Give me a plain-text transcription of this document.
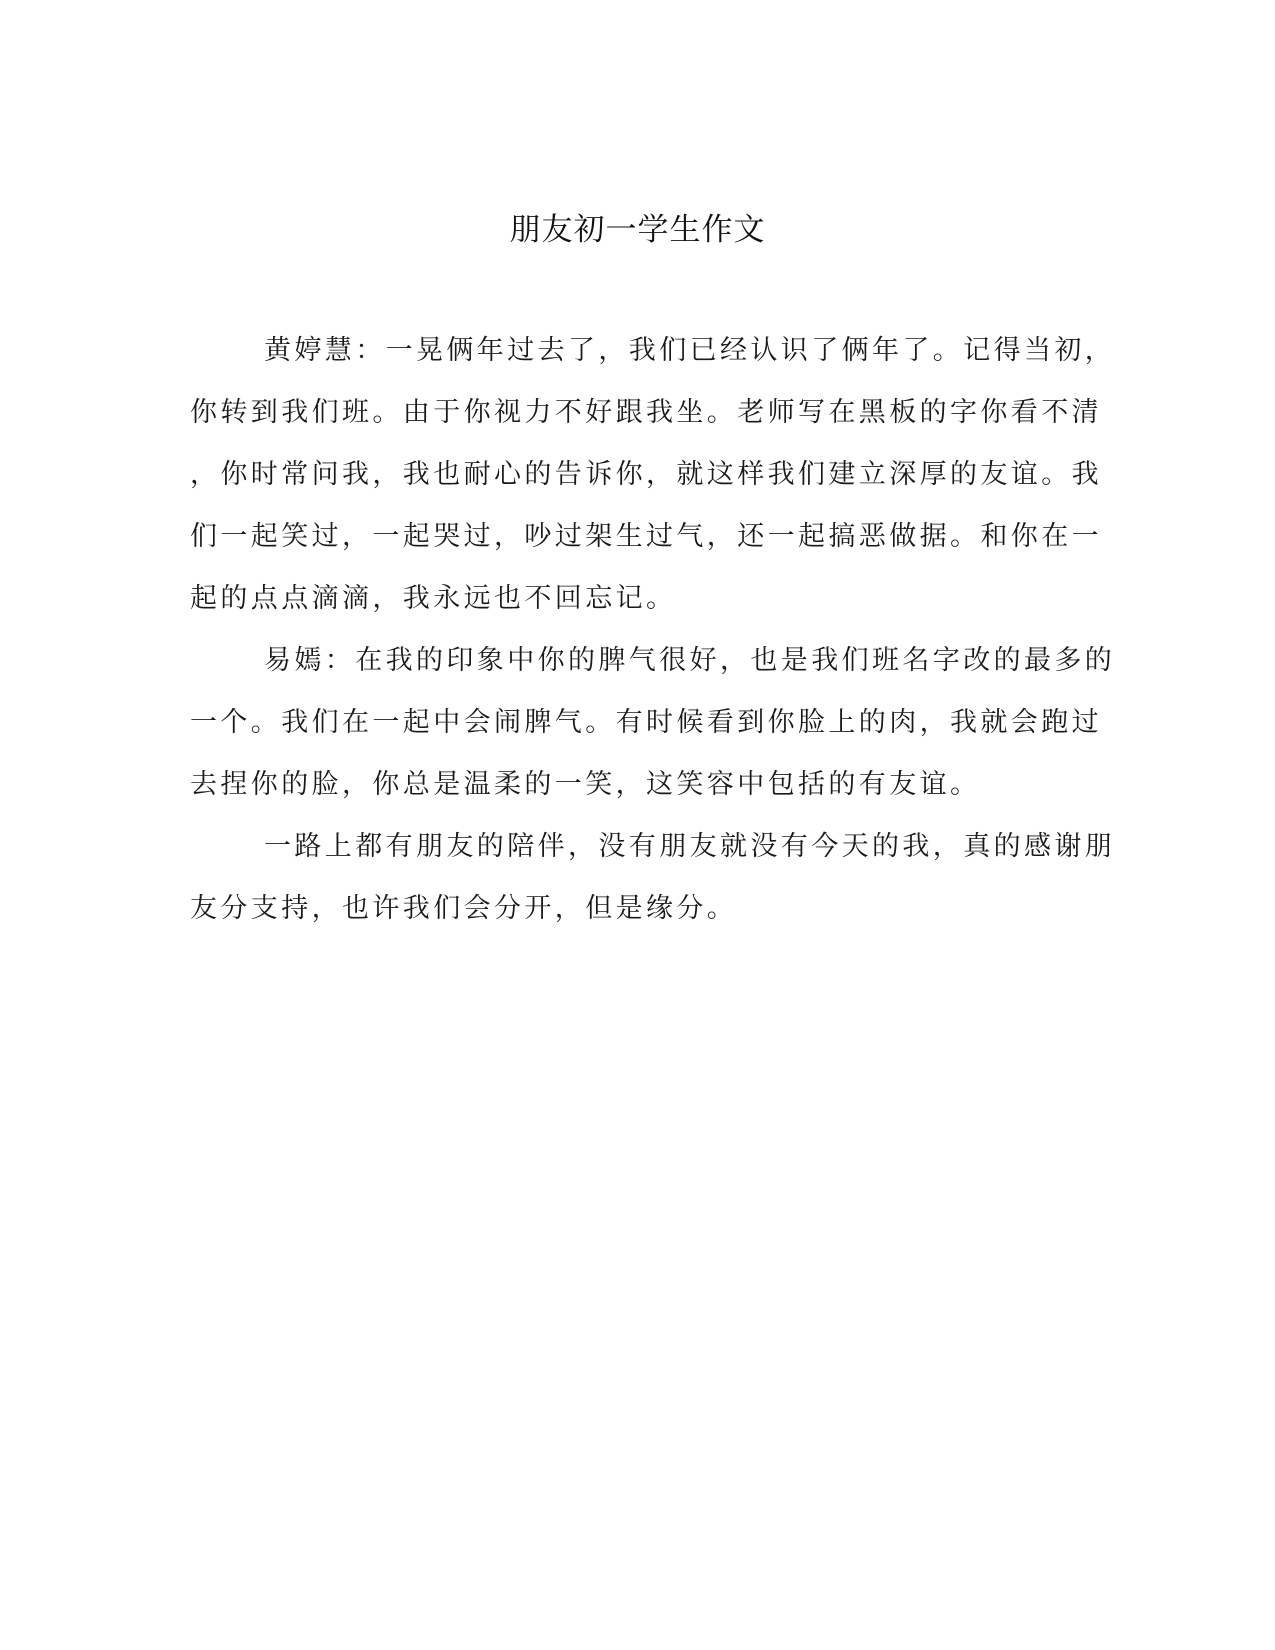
朋友初一学生作文
黄婷慧：一晃俩年过去了，我们已经认识了俩年了。记得当初，
你转到我们班。由于你视力不好跟我坐。老师写在黑板的字你看不清
，你时常问我，我也耐心的告诉你，就这样我们建立深厚的友谊。我
们一起笑过，一起哭过，吵过架生过气，还一起搞恶做据。和你在一
起的点点滴滴，我永远也不回忘记。
易嫣：在我的印象中你的脾气很好，也是我们班名字改的最多的
一个。我们在一起中会闹脾气。有时候看到你脸上的肉，我就会跑过
去捏你的脸，你总是温柔的一笑，这笑容中包括的有友谊。
一路上都有朋友的陪伴，没有朋友就没有今天的我，真的感谢朋
友分支持，也许我们会分开，但是缘分。
